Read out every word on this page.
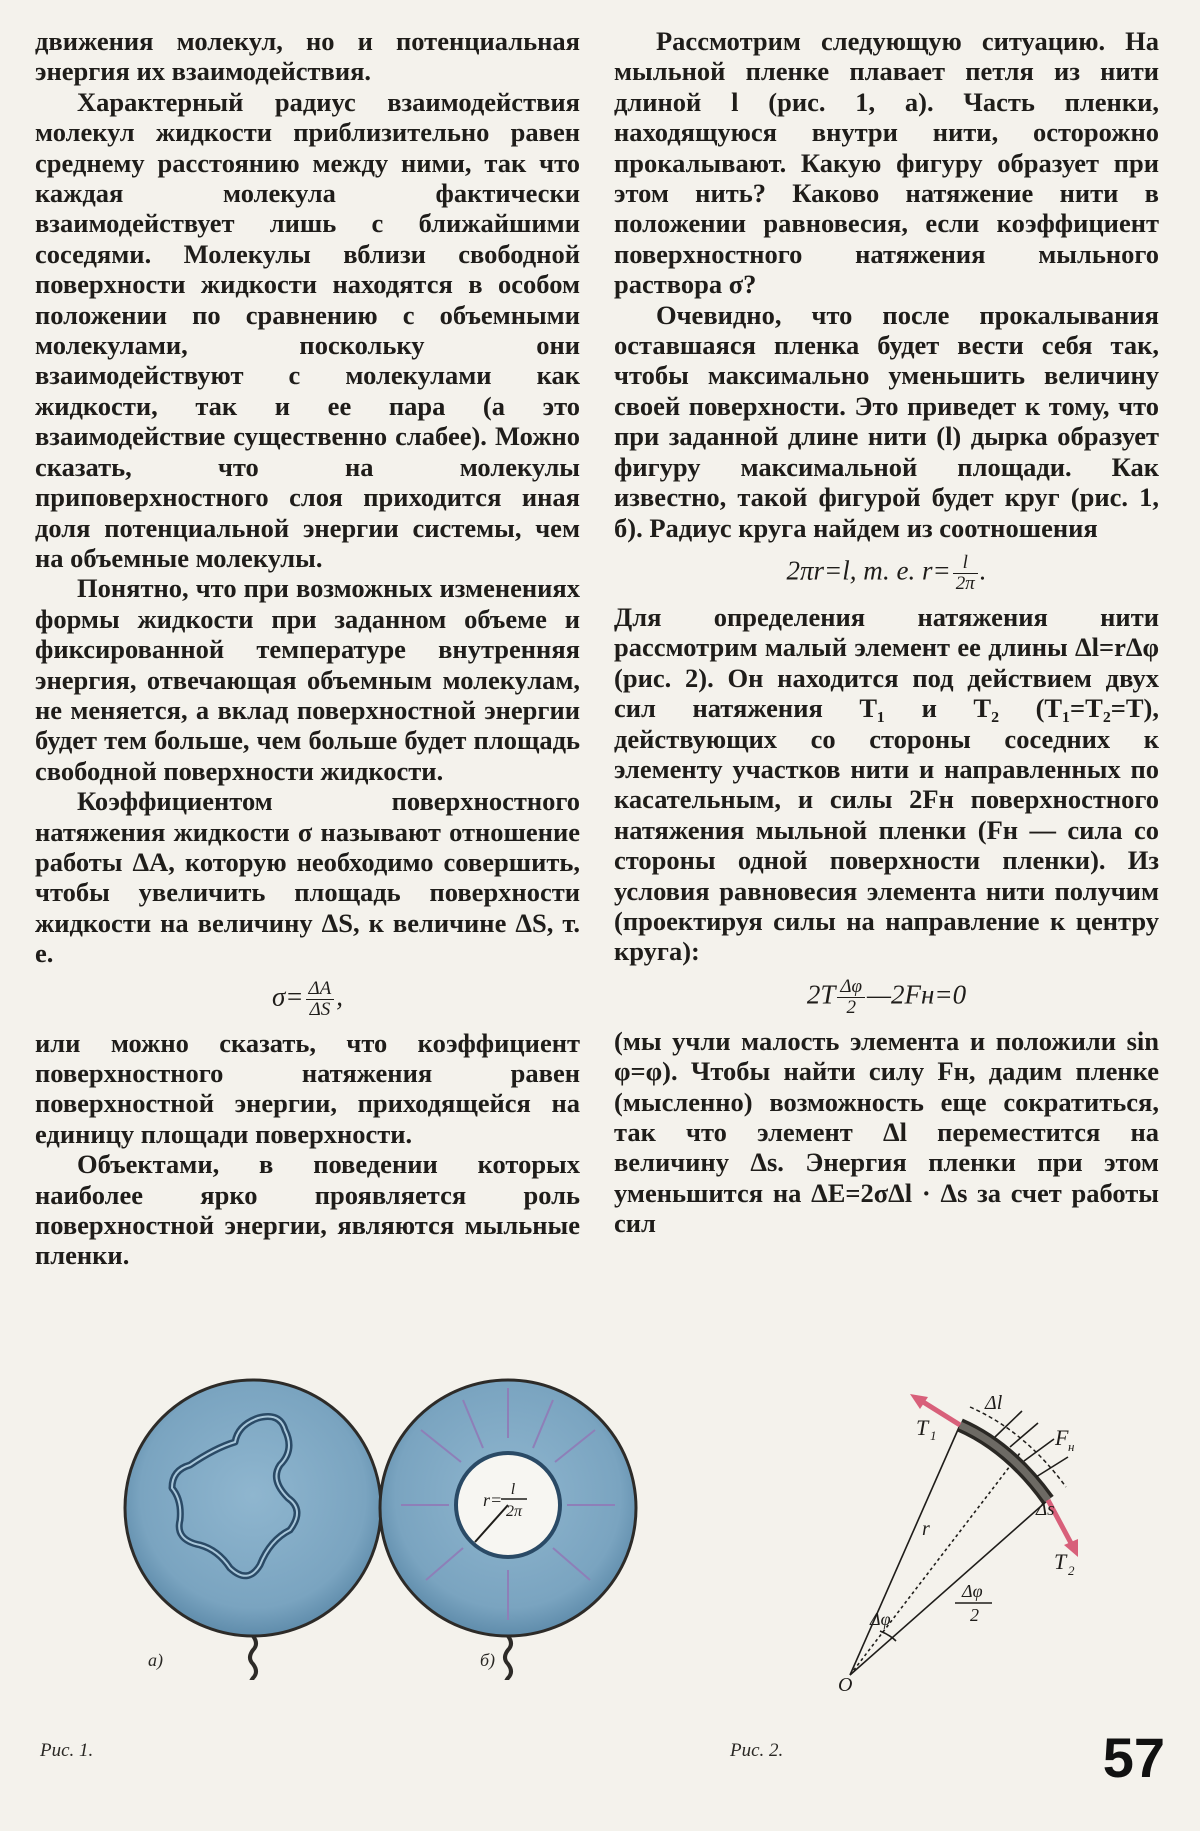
движения молекул, но и потенциальная энергия их взаимодействия.

Характерный радиус взаимодействия молекул жидкости приблизительно равен среднему расстоянию между ними, так что каждая молекула фактически взаимодействует лишь с ближайшими соседями. Молекулы вблизи свободной поверхности жидкости находятся в особом положении по сравнению с объемными молекулами, поскольку они взаимодействуют с молекулами как жидкости, так и ее пара (а это взаимодействие существенно слабее). Можно сказать, что на молекулы приповерхностного слоя приходится иная доля потенциальной энергии системы, чем на объемные молекулы.

Понятно, что при возможных изменениях формы жидкости при заданном объеме и фиксированной температуре внутренняя энергия, отвечающая объемным молекулам, не меняется, а вклад поверхностной энергии будет тем больше, чем больше будет площадь свободной поверхности жидкости.

Коэффициентом поверхностного натяжения жидкости σ называют отношение работы ΔA, которую необходимо совершить, чтобы увеличить площадь поверхности жидкости на величину ΔS, к величине ΔS, т. е.

$\sigma= \frac{\Delta A}{\Delta S}$ ,

или можно сказать, что коэффициент поверхностного натяжения равен поверхностной энергии, приходящейся на единицу площади поверхности.

Объектами, в поведении которых наиболее ярко проявляется роль поверхностной энергии, являются мыльные пленки.

Рассмотрим следующую ситуацию. На мыльной пленке плавает петля из нити длиной l (рис. 1, а). Часть пленки, находящуюся внутри нити, осторожно прокалывают. Какую фигуру образует при этом нить? Каково натяжение нити в положении равновесия, если коэффициент поверхностного натяжения мыльного раствора σ?

Очевидно, что после прокалывания оставшаяся пленка будет вести себя так, чтобы максимально уменьшить величину своей поверхности. Это приведет к тому, что при заданной длине нити (l) дырка образует фигуру максимальной площади. Как известно, такой фигурой будет круг (рис. 1, б). Радиус круга найдем из соотношения

2πr=l, т. е. $r= \frac{l}{2\pi}$ .

Для определения натяжения нити рассмотрим малый элемент ее длины Δl=rΔφ (рис. 2). Он находится под действием двух сил натяжения T₁ и T₂ (T₁=T₂=T), действующих со стороны соседних к элементу участков нити и направленных по касательным, и силы 2Fн поверхностного натяжения мыльной пленки (Fн — сила со стороны одной поверхности пленки). Из условия равновесия элемента нити получим (проектируя силы на направление к центру круга):

$2T \frac{\Delta\varphi}{2}$ —2Fн=0

(мы учли малость элемента и положили sin φ=φ). Чтобы найти силу Fн, дадим пленке (мысленно) возможность еще сократиться, так что элемент Δl переместится на величину Δs. Энергия пленки при этом уменьшится на ΔE=2σΔl · Δs за счет работы сил

а)
r=
l
2π
б)
Рис. 1.
Δl
T 1	F н
Δs
T 2
r
Δφ
Δφ
2
O
Рис. 2.	57
